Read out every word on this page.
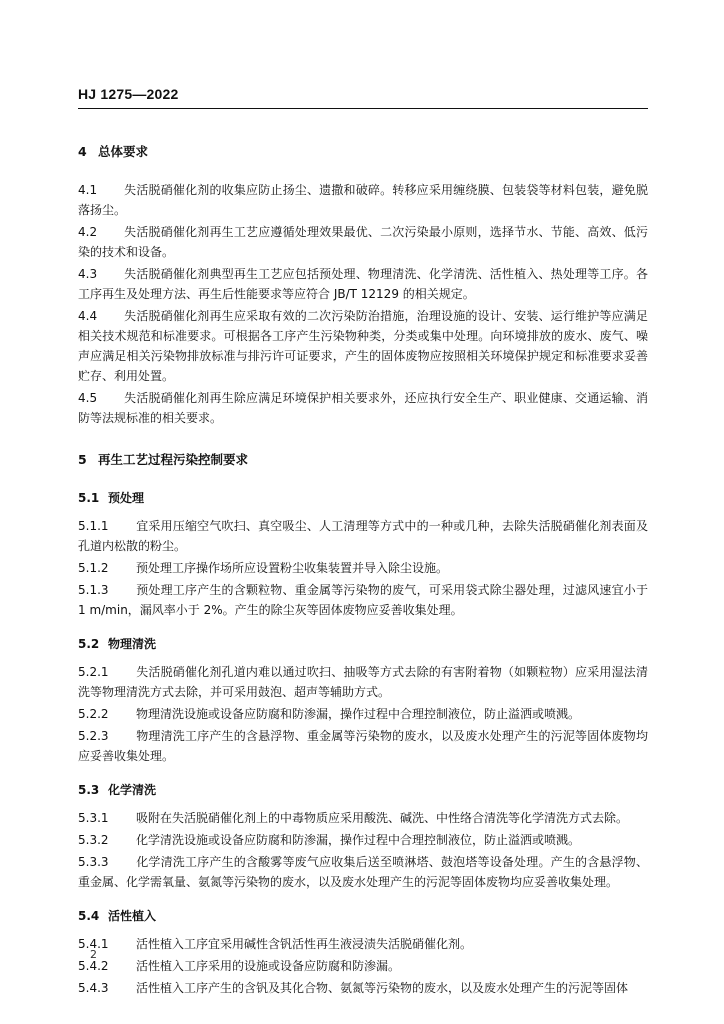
HJ 1275—2022
4 总体要求
4.1 失活脱硝催化剂的收集应防止扬尘、遗撒和破碎。转移应采用缠绕膜、包装袋等材料包装，避免脱落扬尘。
4.2 失活脱硝催化剂再生工艺应遵循处理效果最优、二次污染最小原则，选择节水、节能、高效、低污染的技术和设备。
4.3 失活脱硝催化剂典型再生工艺应包括预处理、物理清洗、化学清洗、活性植入、热处理等工序。各工序再生及处理方法、再生后性能要求等应符合 JB/T 12129 的相关规定。
4.4 失活脱硝催化剂再生应采取有效的二次污染防治措施，治理设施的设计、安装、运行维护等应满足相关技术规范和标准要求。可根据各工序产生污染物种类，分类或集中处理。向环境排放的废水、废气、噪声应满足相关污染物排放标准与排污许可证要求，产生的固体废物应按照相关环境保护规定和标准要求妥善贮存、利用处置。
4.5 失活脱硝催化剂再生除应满足环境保护相关要求外，还应执行安全生产、职业健康、交通运输、消防等法规标准的相关要求。
5 再生工艺过程污染控制要求
5.1 预处理
5.1.1 宜采用压缩空气吹扫、真空吸尘、人工清理等方式中的一种或几种，去除失活脱硝催化剂表面及孔道内松散的粉尘。
5.1.2 预处理工序操作场所应设置粉尘收集装置并导入除尘设施。
5.1.3 预处理工序产生的含颗粒物、重金属等污染物的废气，可采用袋式除尘器处理，过滤风速宜小于 1 m/min，漏风率小于 2%。产生的除尘灰等固体废物应妥善收集处理。
5.2 物理清洗
5.2.1 失活脱硝催化剂孔道内难以通过吹扫、抽吸等方式去除的有害附着物（如颗粒物）应采用湿法清洗等物理清洗方式去除，并可采用鼓泡、超声等辅助方式。
5.2.2 物理清洗设施或设备应防腐和防渗漏，操作过程中合理控制液位，防止溢洒或喷溅。
5.2.3 物理清洗工序产生的含悬浮物、重金属等污染物的废水，以及废水处理产生的污泥等固体废物均应妥善收集处理。
5.3 化学清洗
5.3.1 吸附在失活脱硝催化剂上的中毒物质应采用酸洗、碱洗、中性络合清洗等化学清洗方式去除。
5.3.2 化学清洗设施或设备应防腐和防渗漏，操作过程中合理控制液位，防止溢洒或喷溅。
5.3.3 化学清洗工序产生的含酸雾等废气应收集后送至喷淋塔、鼓泡塔等设备处理。产生的含悬浮物、重金属、化学需氧量、氨氮等污染物的废水，以及废水处理产生的污泥等固体废物均应妥善收集处理。
5.4 活性植入
5.4.1 活性植入工序宜采用碱性含钒活性再生液浸渍失活脱硝催化剂。
5.4.2 活性植入工序采用的设施或设备应防腐和防渗漏。
5.4.3 活性植入工序产生的含钒及其化合物、氨氮等污染物的废水，以及废水处理产生的污泥等固体
2
